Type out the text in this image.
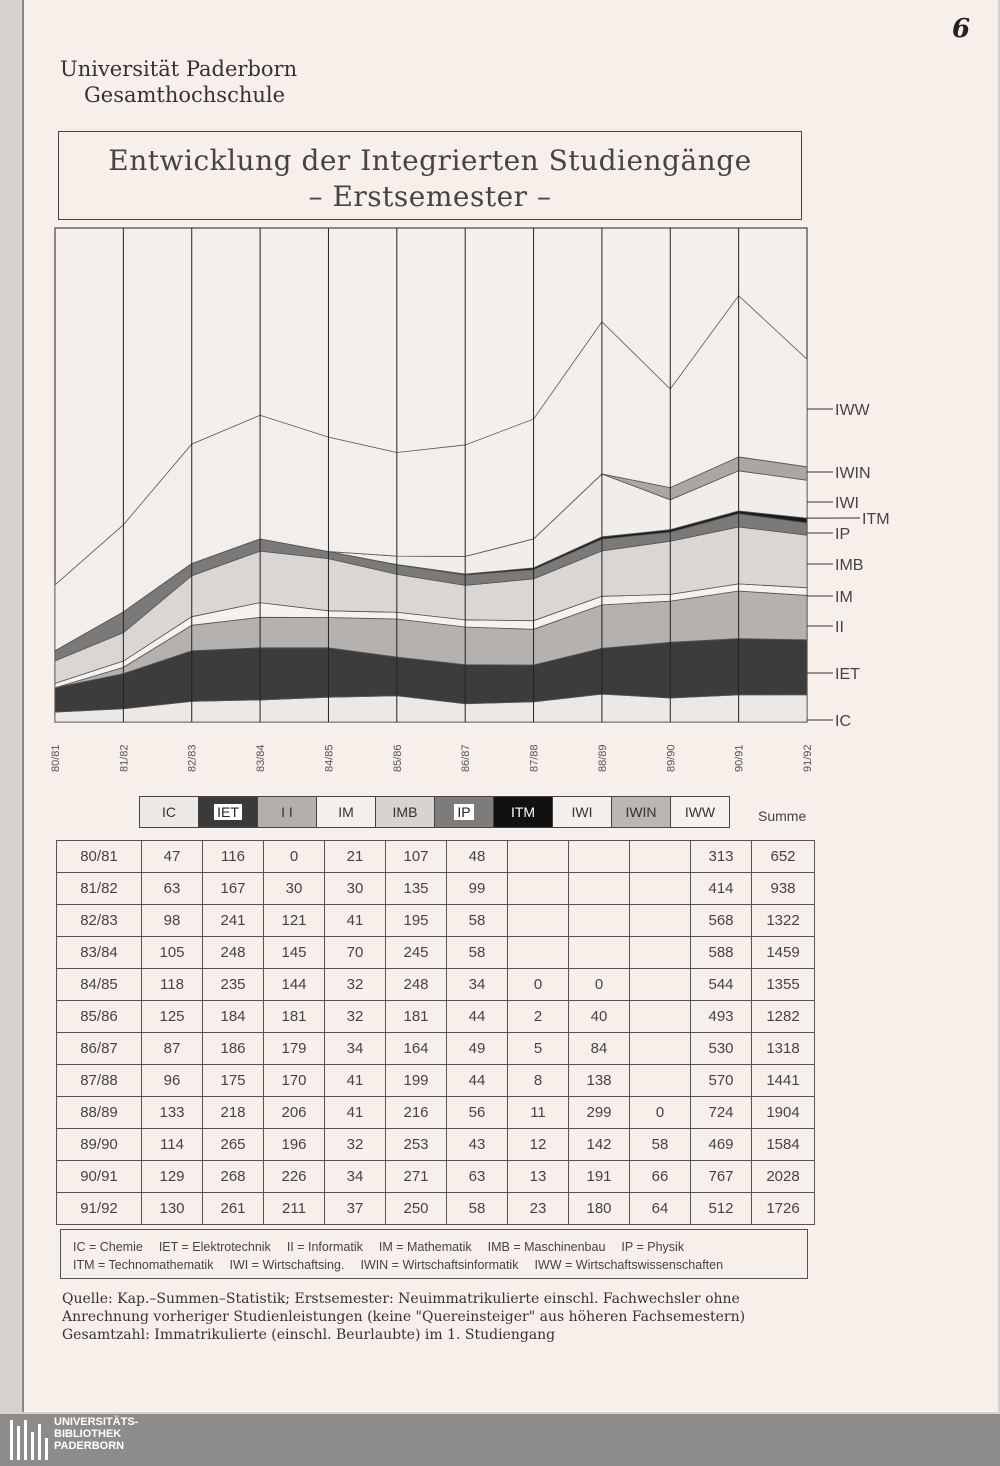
6
Universität Paderborn
Gesamthochschule
Entwicklung der Integrierten Studiengänge
– Erstsemester –
80/81	81/82	82/83	83/84	84/85	85/86	86/87	87/88	88/89	89/90	90/91	91/92
IC
IET
II
IM
IMB
IP
ITM
IWI
IWIN
IWW
IC	IET	I I	IM	IMB	IP	ITM	IWI IWIN IWW	Summe
80/81	47	116	0	21	107	48				313	652
81/82	63	167	30	30	135	99				414	938
82/83	98	241	121	41	195	58				568	1322
83/84	105	248	145	70	245	58				588	1459
84/85	118	235	144	32	248	34	0	0		544	1355
85/86	125	184	181	32	181	44	2	40		493	1282
86/87	87	186	179	34	164	49	5	84		530	1318
87/88	96	175	170	41	199	44	8	138		570	1441
88/89	133	218	206	41	216	56	11	299	0	724	1904
89/90	114	265	196	32	253	43	12	142	58	469	1584
90/91	129	268	226	34	271	63	13	191	66	767	2028
91/92	130	261	211	37	250	58	23	180	64	512	1726
IC = Chemie IET = Elektrotechnik II = Informatik IM = Mathematik IMB = Maschinenbau IP = Physik
ITM = Technomathematik IWI = Wirtschaftsing. IWIN = Wirtschaftsinformatik IWW = Wirtschaftswissenschaften
Quelle: Kap.–Summen–Statistik; Erstsemester: Neuimmatrikulierte einschl. Fachwechsler ohne
Anrechnung vorheriger Studienleistungen (keine "Quereinsteiger" aus höheren Fachsemestern)
Gesamtzahl: Immatrikulierte (einschl. Beurlaubte) im 1. Studiengang
UNIVERSITÄTS-
BIBLIOTHEK
PADERBORN
